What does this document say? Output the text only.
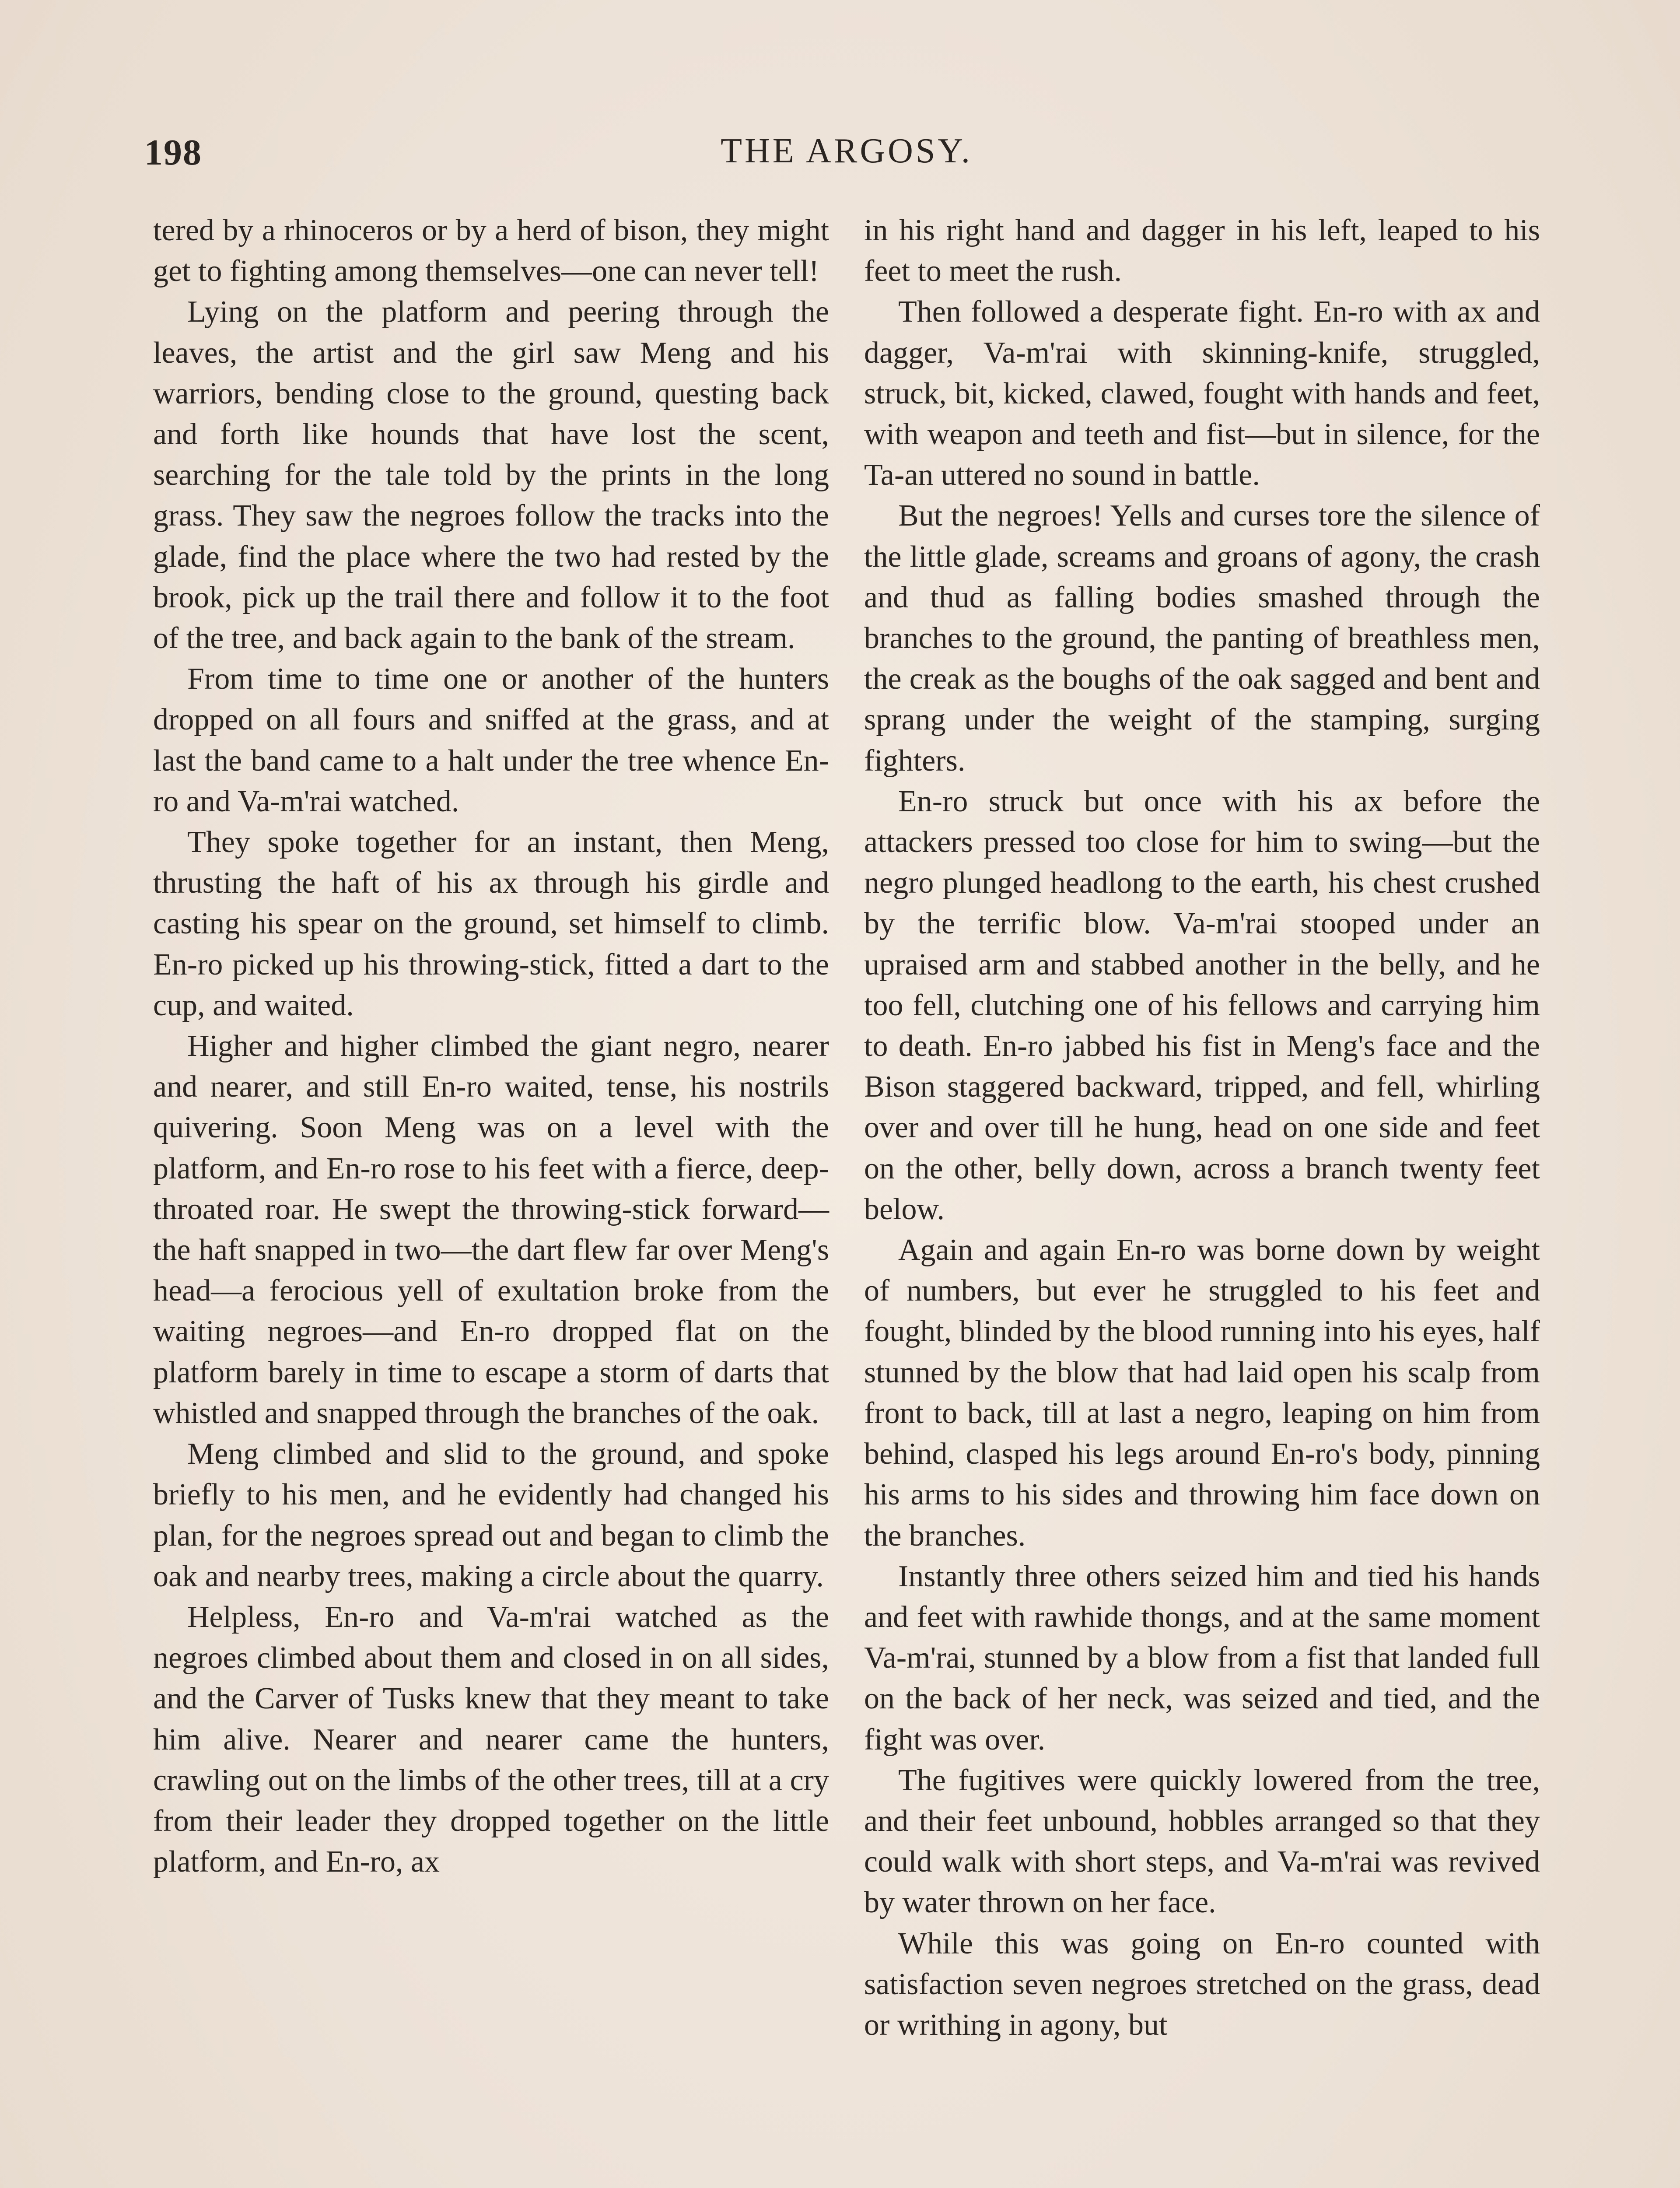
198	THE ARGOSY.

tered by a rhinoceros or by a herd of bison, they might get to fighting among themselves—one can never tell!

Lying on the platform and peering through the leaves, the artist and the girl saw Meng and his warriors, bending close to the ground, questing back and forth like hounds that have lost the scent, searching for the tale told by the prints in the long grass. They saw the negroes follow the tracks into the glade, find the place where the two had rested by the brook, pick up the trail there and follow it to the foot of the tree, and back again to the bank of the stream.

From time to time one or another of the hunters dropped on all fours and sniffed at the grass, and at last the band came to a halt under the tree whence En-ro and Va-m'rai watched.

They spoke together for an instant, then Meng, thrusting the haft of his ax through his girdle and casting his spear on the ground, set himself to climb. En-ro picked up his throwing-stick, fitted a dart to the cup, and waited.

Higher and higher climbed the giant negro, nearer and nearer, and still En-ro waited, tense, his nostrils quivering. Soon Meng was on a level with the platform, and En-ro rose to his feet with a fierce, deep-throated roar. He swept the throwing-stick forward—the haft snapped in two—the dart flew far over Meng's head—a ferocious yell of exultation broke from the waiting negroes—and En-ro dropped flat on the platform barely in time to escape a storm of darts that whistled and snapped through the branches of the oak.

Meng climbed and slid to the ground, and spoke briefly to his men, and he evidently had changed his plan, for the negroes spread out and began to climb the oak and nearby trees, making a circle about the quarry.

Helpless, En-ro and Va-m'rai watched as the negroes climbed about them and closed in on all sides, and the Carver of Tusks knew that they meant to take him alive. Nearer and nearer came the hunters, crawling out on the limbs of the other trees, till at a cry from their leader they dropped together on the little platform, and En-ro, ax

in his right hand and dagger in his left, leaped to his feet to meet the rush.

Then followed a desperate fight. En-ro with ax and dagger, Va-m'rai with skinning-knife, struggled, struck, bit, kicked, clawed, fought with hands and feet, with weapon and teeth and fist—but in silence, for the Ta-an uttered no sound in battle.

But the negroes! Yells and curses tore the silence of the little glade, screams and groans of agony, the crash and thud as falling bodies smashed through the branches to the ground, the panting of breathless men, the creak as the boughs of the oak sagged and bent and sprang under the weight of the stamping, surging fighters.

En-ro struck but once with his ax before the attackers pressed too close for him to swing—but the negro plunged headlong to the earth, his chest crushed by the terrific blow. Va-m'rai stooped under an upraised arm and stabbed another in the belly, and he too fell, clutching one of his fellows and carrying him to death. En-ro jabbed his fist in Meng's face and the Bison staggered backward, tripped, and fell, whirling over and over till he hung, head on one side and feet on the other, belly down, across a branch twenty feet below.

Again and again En-ro was borne down by weight of numbers, but ever he struggled to his feet and fought, blinded by the blood running into his eyes, half stunned by the blow that had laid open his scalp from front to back, till at last a negro, leaping on him from behind, clasped his legs around En-ro's body, pinning his arms to his sides and throwing him face down on the branches.

Instantly three others seized him and tied his hands and feet with rawhide thongs, and at the same moment Va-m'rai, stunned by a blow from a fist that landed full on the back of her neck, was seized and tied, and the fight was over.

The fugitives were quickly lowered from the tree, and their feet unbound, hobbles arranged so that they could walk with short steps, and Va-m'rai was revived by water thrown on her face.

While this was going on En-ro counted with satisfaction seven negroes stretched on the grass, dead or writhing in agony, but
